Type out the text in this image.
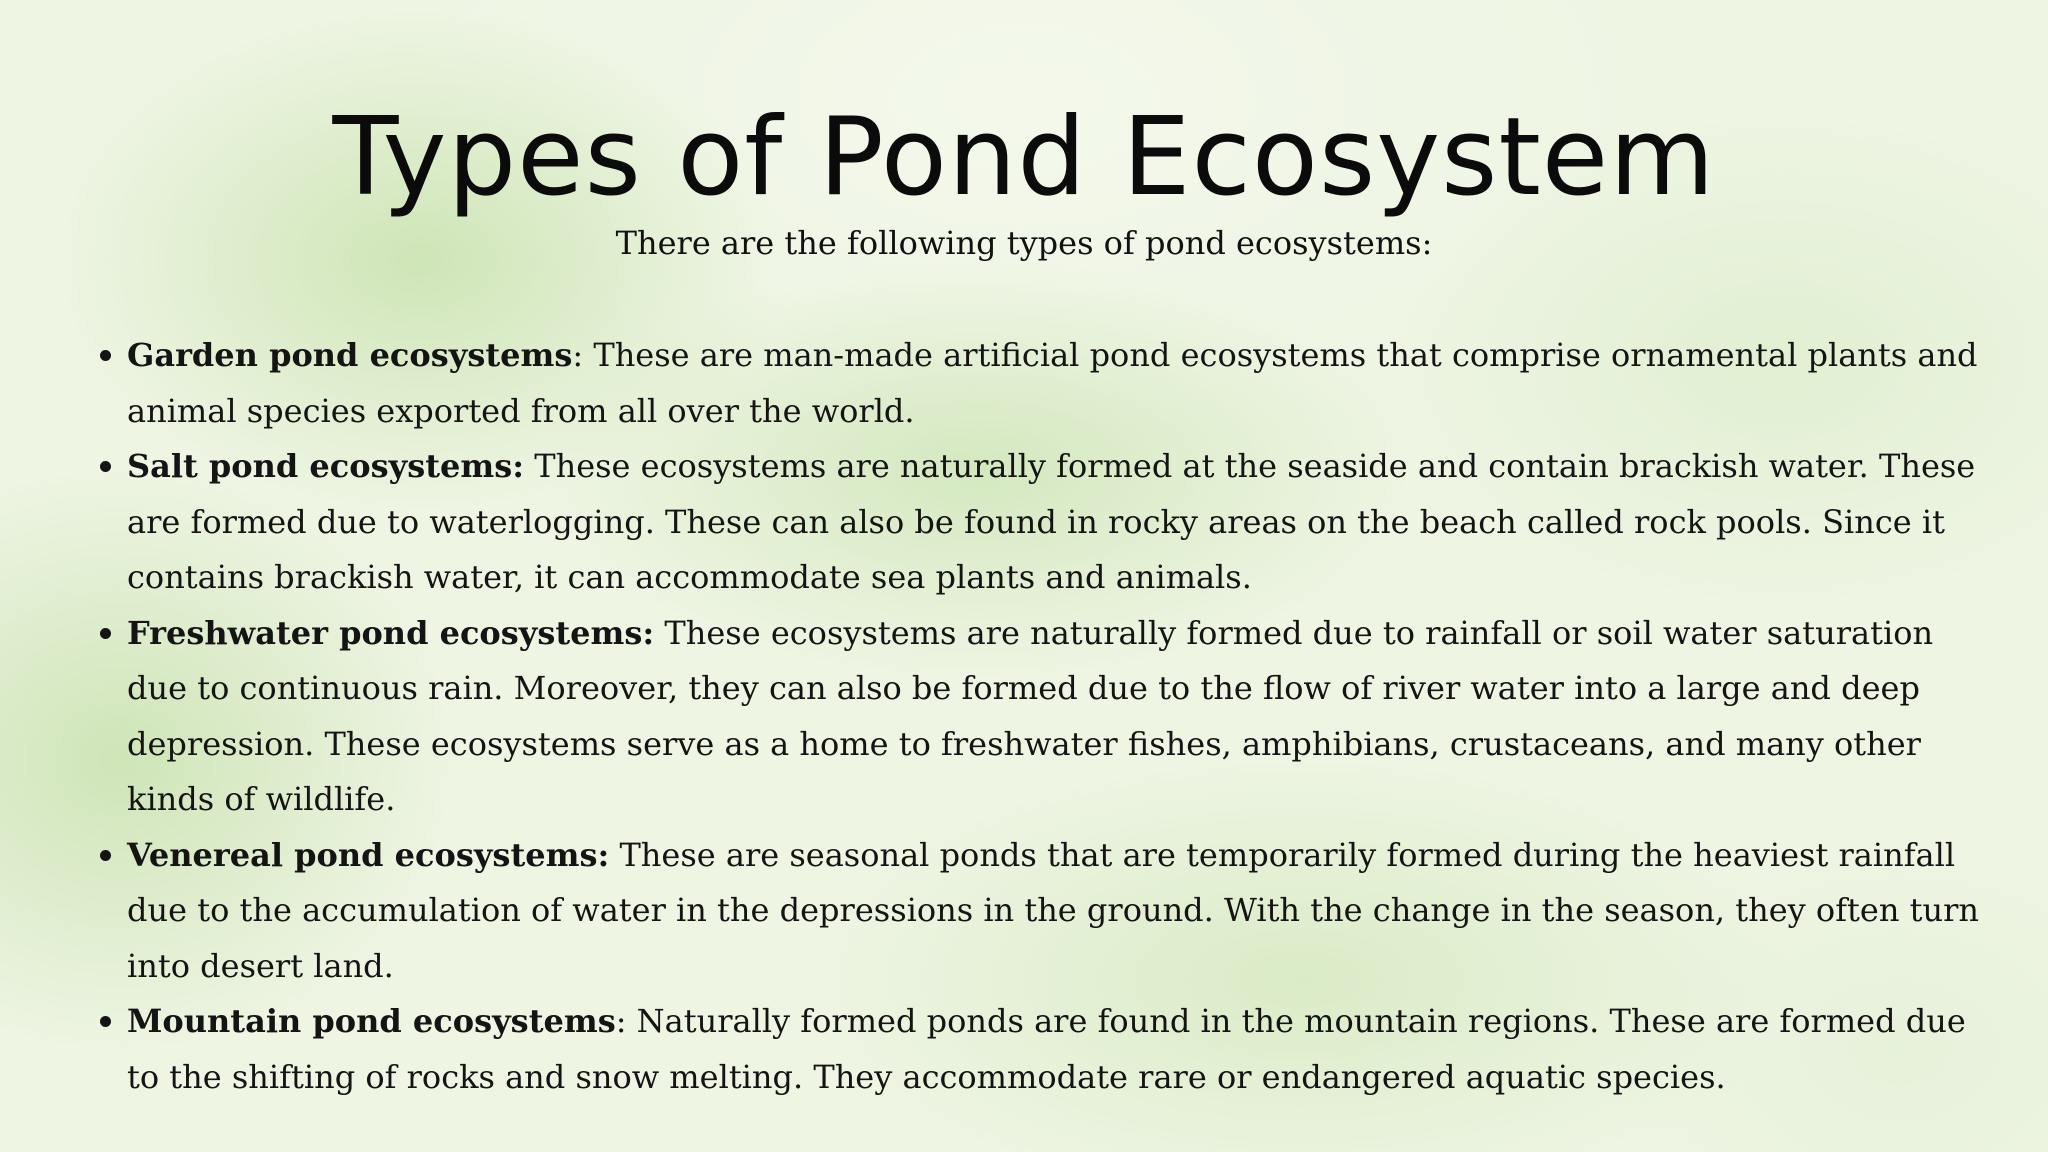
Types of Pond Ecosystem
There are the following types of pond ecosystems:
Garden pond ecosystems: These are man-made artificial pond ecosystems that comprise ornamental plants and animal species exported from all over the world.
Salt pond ecosystems: These ecosystems are naturally formed at the seaside and contain brackish water. These are formed due to waterlogging. These can also be found in rocky areas on the beach called rock pools. Since it contains brackish water, it can accommodate sea plants and animals.
Freshwater pond ecosystems: These ecosystems are naturally formed due to rainfall or soil water saturation due to continuous rain. Moreover, they can also be formed due to the flow of river water into a large and deep depression. These ecosystems serve as a home to freshwater fishes, amphibians, crustaceans, and many other kinds of wildlife.
Venereal pond ecosystems: These are seasonal ponds that are temporarily formed during the heaviest rainfall due to the accumulation of water in the depressions in the ground. With the change in the season, they often turn into desert land.
Mountain pond ecosystems: Naturally formed ponds are found in the mountain regions. These are formed due to the shifting of rocks and snow melting. They accommodate rare or endangered aquatic species.
